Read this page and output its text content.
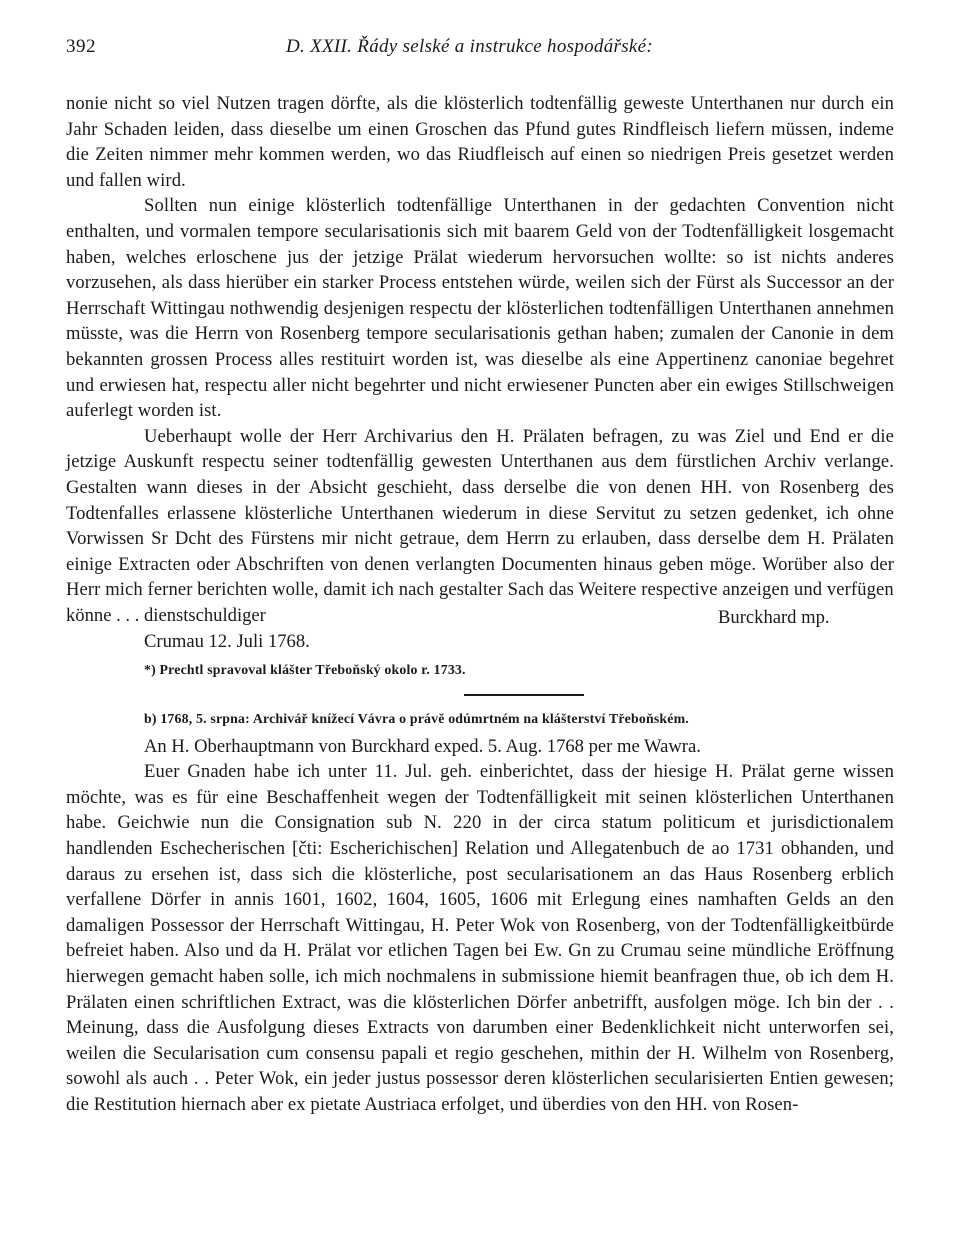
392	D. XXII. Řády selské a instrukce hospodářské:

nonie nicht so viel Nutzen tragen dörfte, als die klösterlich todtenfällig geweste Unterthanen nur durch ein Jahr Schaden leiden, dass dieselbe um einen Groschen das Pfund gutes Rindfleisch liefern müssen, indeme die Zeiten nimmer mehr kommen werden, wo das Riudfleisch auf einen so niedrigen Preis gesetzet werden und fallen wird.

Sollten nun einige klösterlich todtenfällige Unterthanen in der gedachten Convention nicht enthalten, und vormalen tempore secularisationis sich mit baarem Geld von der Todtenfälligkeit losgemacht haben, welches erloschene jus der jetzige Prälat wiederum hervorsuchen wollte: so ist nichts anderes vorzusehen, als dass hierüber ein starker Process entstehen würde, weilen sich der Fürst als Successor an der Herrschaft Wittingau nothwendig desjenigen respectu der klösterlichen todtenfälligen Unterthanen annehmen müsste, was die Herrn von Rosenberg tempore secularisationis gethan haben; zumalen der Canonie in dem bekannten grossen Process alles restituirt worden ist, was dieselbe als eine Appertinenz canoniae begehret und erwiesen hat, respectu aller nicht begehrter und nicht erwiesener Puncten aber ein ewiges Stillschweigen auferlegt worden ist.

Ueberhaupt wolle der Herr Archivarius den H. Prälaten befragen, zu was Ziel und End er die jetzige Auskunft respectu seiner todtenfällig gewesten Unterthanen aus dem fürstlichen Archiv verlange. Gestalten wann dieses in der Absicht geschieht, dass derselbe die von denen HH. von Rosenberg des Todtenfalles erlassene klösterliche Unterthanen wiederum in diese Servitut zu setzen gedenket, ich ohne Vorwissen Sr Dcht des Fürstens mir nicht getraue, dem Herrn zu erlauben, dass derselbe dem H. Prälaten einige Extracten oder Abschriften von denen verlangten Documenten hinaus geben möge. Worüber also der Herr mich ferner berichten wolle, damit ich nach gestalter Sach das Weitere respective anzeigen und verfügen

könne . . . dienstschuldiger	Burckhard mp.
Crumau 12. Juli 1768.
*) Prechtl spravoval klášter Třeboňský okolo r. 1733.
b) 1768, 5. srpna: Archivář knížecí Vávra o právě odúmrtném na klášterství Třeboňském.
An H. Oberhauptmann von Burckhard exped. 5. Aug. 1768 per me Wawra.

Euer Gnaden habe ich unter 11. Jul. geh. einberichtet, dass der hiesige H. Prälat gerne wissen möchte, was es für eine Beschaffenheit wegen der Todtenfälligkeit mit seinen klösterlichen Unterthanen habe. Geichwie nun die Consignation sub N. 220 in der circa statum politicum et jurisdictionalem handlenden Eschecherischen [čti: Escherichischen] Relation und Allegatenbuch de ao 1731 obhanden, und daraus zu ersehen ist, dass sich die klösterliche, post secularisationem an das Haus Rosenberg erblich verfallene Dörfer in annis 1601, 1602, 1604, 1605, 1606 mit Erlegung eines namhaften Gelds an den damaligen Possessor der Herrschaft Wittingau, H. Peter Wok von Rosenberg, von der Todtenfälligkeitbürde befreiet haben. Also und da H. Prälat vor etlichen Tagen bei Ew. Gn zu Crumau seine mündliche Eröffnung hierwegen gemacht haben solle, ich mich nochmalens in submissione hiemit beanfragen thue, ob ich dem H. Prälaten einen schriftlichen Extract, was die klösterlichen Dörfer anbetrifft, ausfolgen möge. Ich bin der . . Meinung, dass die Ausfolgung dieses Extracts von darumben einer Bedenklichkeit nicht unterworfen sei, weilen die Secularisation cum consensu papali et regio geschehen, mithin der H. Wilhelm von Rosenberg, sowohl als auch . . Peter Wok, ein jeder justus possessor deren klösterlichen secularisierten Entien gewesen; die Restitution hiernach aber ex pietate Austriaca erfolget, und überdies von den HH. von Rosen-
